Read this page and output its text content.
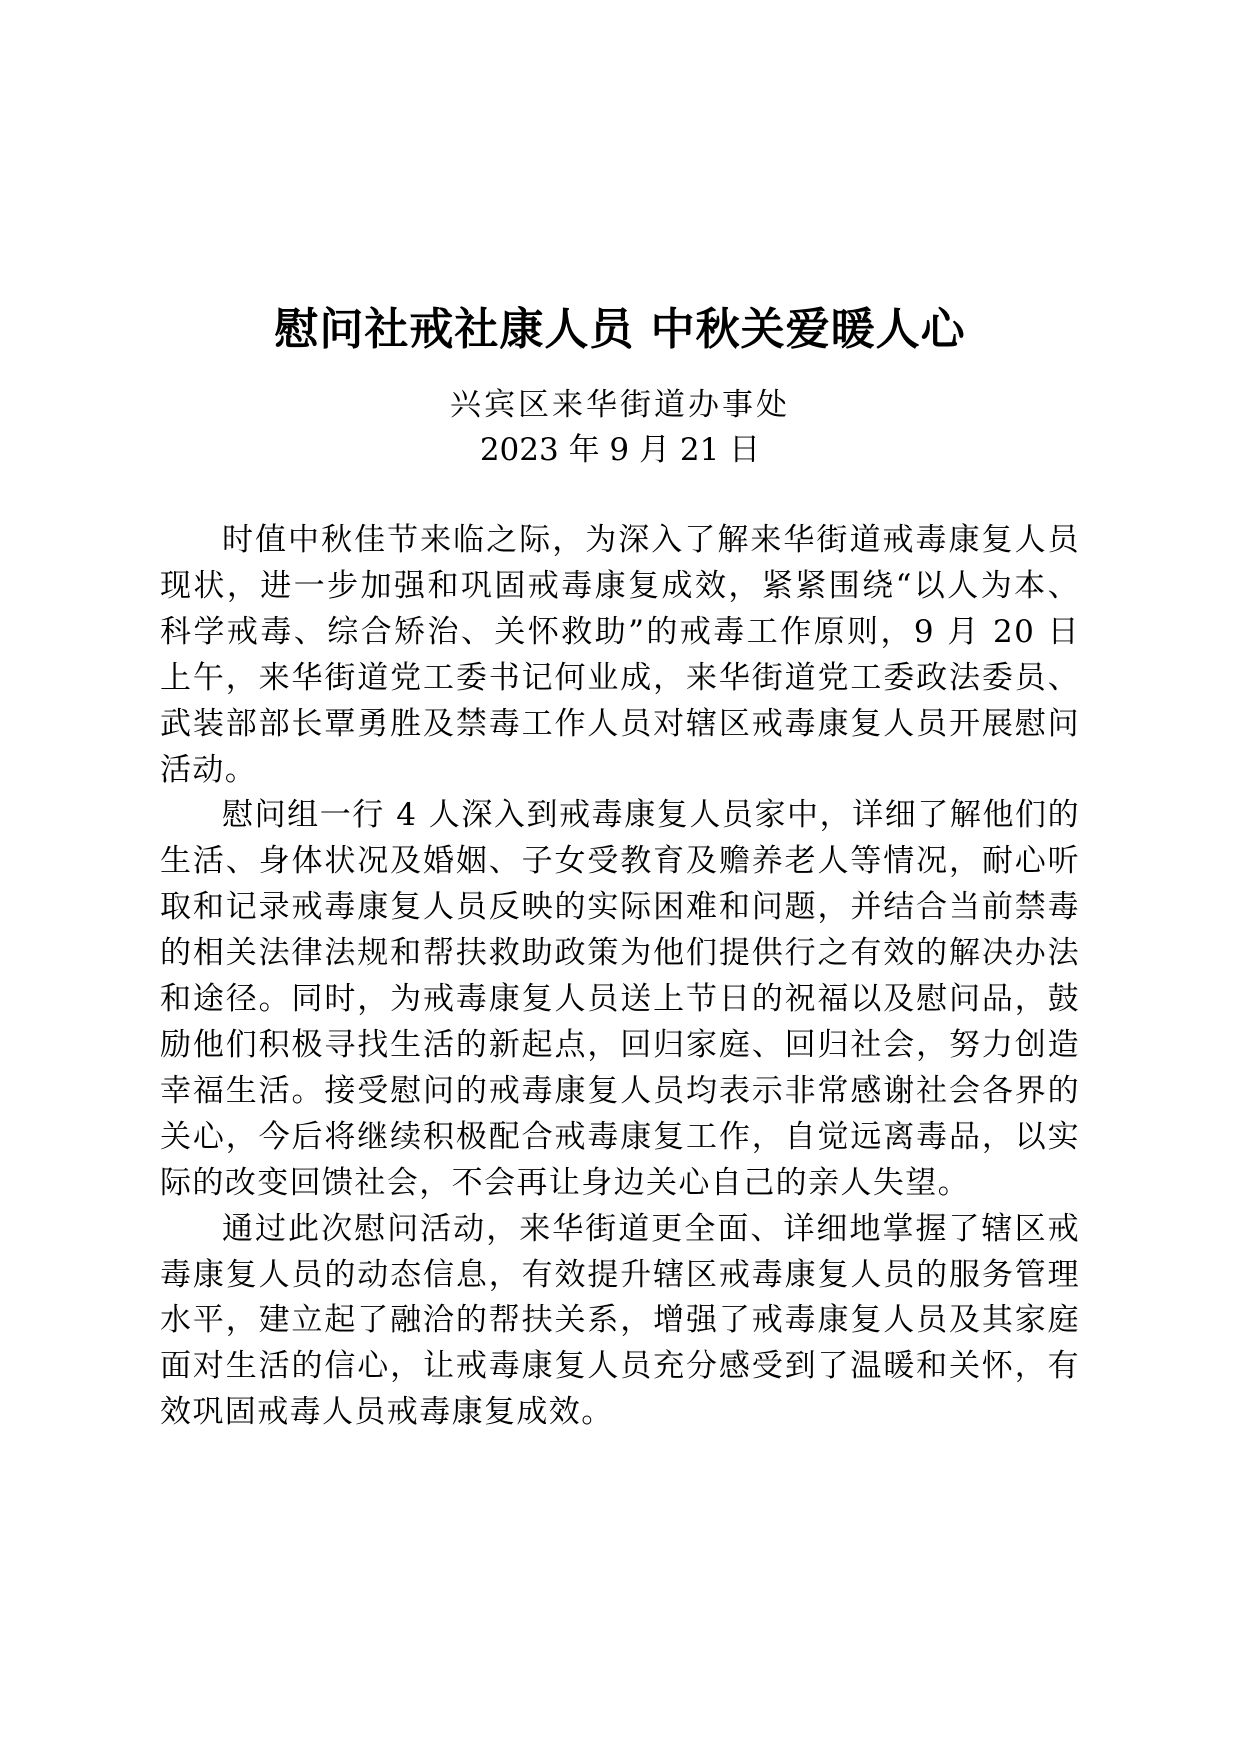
慰问社戒社康人员 中秋关爱暖人心
兴宾区来华街道办事处
2023 年 9 月 21 日

时值中秋佳节来临之际，为深入了解来华街道戒毒康复人员现状，进一步加强和巩固戒毒康复成效，紧紧围绕“以人为本、科学戒毒、综合矫治、关怀救助”的戒毒工作原则，9 月 20 日上午，来华街道党工委书记何业成，来华街道党工委政法委员、武装部部长覃勇胜及禁毒工作人员对辖区戒毒康复人员开展慰问活动。

慰问组一行 4 人深入到戒毒康复人员家中，详细了解他们的生活、身体状况及婚姻、子女受教育及赡养老人等情况，耐心听取和记录戒毒康复人员反映的实际困难和问题，并结合当前禁毒的相关法律法规和帮扶救助政策为他们提供行之有效的解决办法和途径。同时，为戒毒康复人员送上节日的祝福以及慰问品，鼓励他们积极寻找生活的新起点，回归家庭、回归社会，努力创造幸福生活。接受慰问的戒毒康复人员均表示非常感谢社会各界的关心，今后将继续积极配合戒毒康复工作，自觉远离毒品，以实际的改变回馈社会，不会再让身边关心自己的亲人失望。

通过此次慰问活动，来华街道更全面、详细地掌握了辖区戒毒康复人员的动态信息，有效提升辖区戒毒康复人员的服务管理水平，建立起了融洽的帮扶关系，增强了戒毒康复人员及其家庭面对生活的信心，让戒毒康复人员充分感受到了温暖和关怀，有效巩固戒毒人员戒毒康复成效。
